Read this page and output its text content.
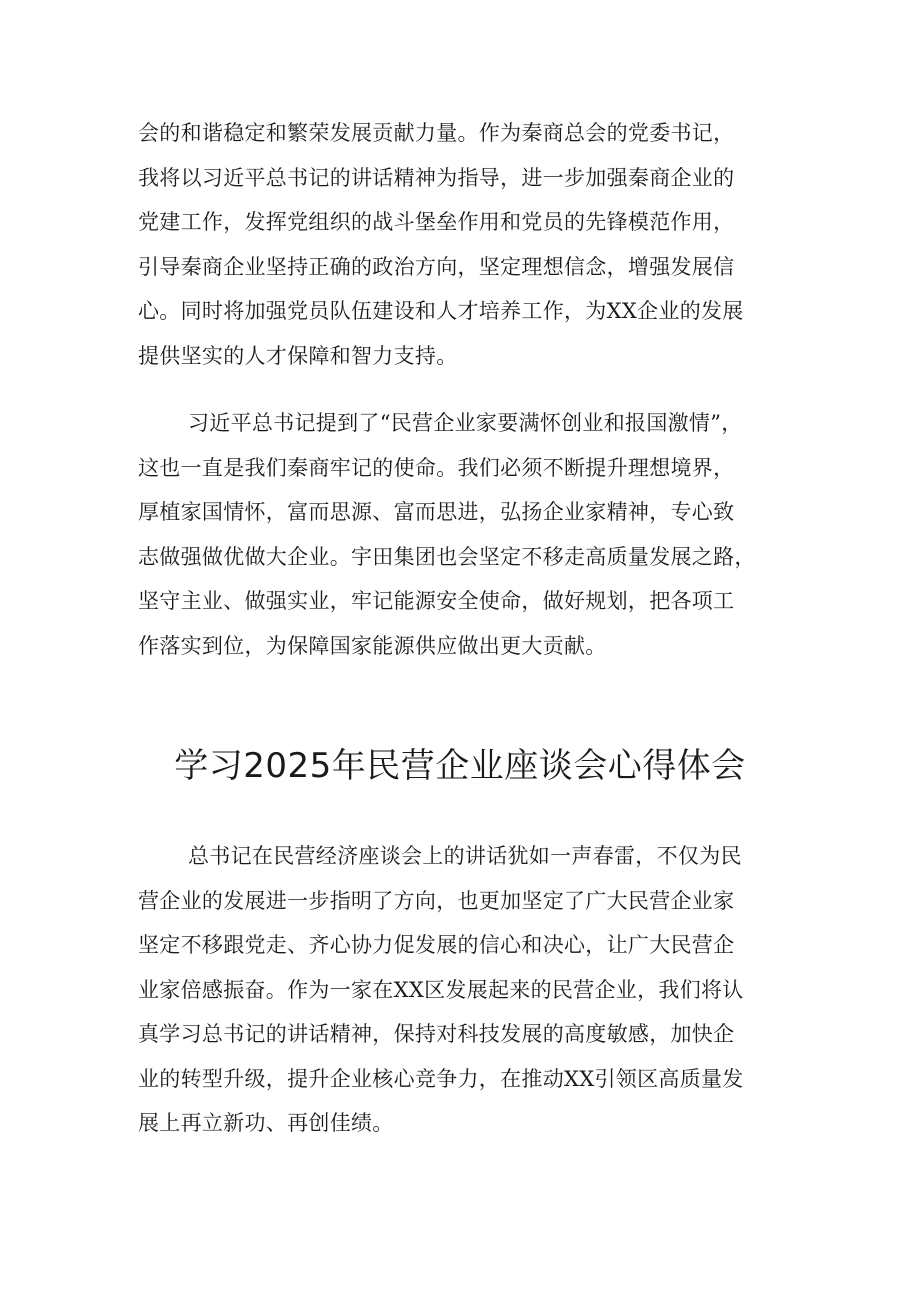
会的和谐稳定和繁荣发展贡献力量。作为秦商总会的党委书记，
我将以习近平总书记的讲话精神为指导，进一步加强秦商企业的
党建工作，发挥党组织的战斗堡垒作用和党员的先锋模范作用，
引导秦商企业坚持正确的政治方向，坚定理想信念，增强发展信
心。同时将加强党员队伍建设和人才培养工作，为XX企业的发展
提供坚实的人才保障和智力支持。
习近平总书记提到了“民营企业家要满怀创业和报国激情”，
这也一直是我们秦商牢记的使命。我们必须不断提升理想境界，
厚植家国情怀，富而思源、富而思进，弘扬企业家精神，专心致
志做强做优做大企业。宇田集团也会坚定不移走高质量发展之路，
坚守主业、做强实业，牢记能源安全使命，做好规划，把各项工
作落实到位，为保障国家能源供应做出更大贡献。
学习2025年民营企业座谈会心得体会
总书记在民营经济座谈会上的讲话犹如一声春雷，不仅为民
营企业的发展进一步指明了方向，也更加坚定了广大民营企业家
坚定不移跟党走、齐心协力促发展的信心和决心，让广大民营企
业家倍感振奋。作为一家在XX区发展起来的民营企业，我们将认
真学习总书记的讲话精神，保持对科技发展的高度敏感，加快企
业的转型升级，提升企业核心竞争力，在推动XX引领区高质量发
展上再立新功、再创佳绩。
